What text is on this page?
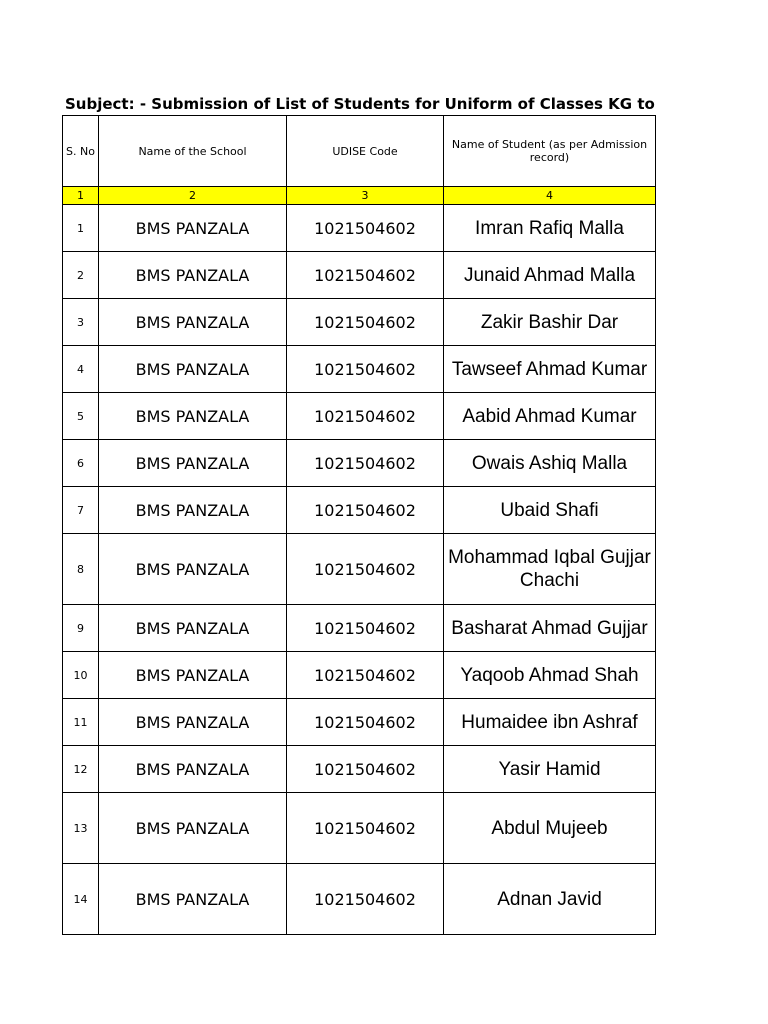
Subject: - Submission of List of Students for Uniform of Classes KG to
S. No	Name of the School	UDISE Code	Name of Student (as per Admission record)
1	2	3	4
1	BMS PANZALA	1021504602	Imran Rafiq Malla
2	BMS PANZALA	1021504602	Junaid Ahmad Malla
3	BMS PANZALA	1021504602	Zakir Bashir Dar
4	BMS PANZALA	1021504602	Tawseef Ahmad Kumar
5	BMS PANZALA	1021504602	Aabid Ahmad Kumar
6	BMS PANZALA	1021504602	Owais Ashiq Malla
7	BMS PANZALA	1021504602	Ubaid Shafi
8	BMS PANZALA	1021504602	Mohammad Iqbal Gujjar Chachi
9	BMS PANZALA	1021504602	Basharat Ahmad Gujjar
10	BMS PANZALA	1021504602	Yaqoob Ahmad Shah
11	BMS PANZALA	1021504602	Humaidee ibn Ashraf
12	BMS PANZALA	1021504602	Yasir Hamid
13	BMS PANZALA	1021504602	Abdul Mujeeb
14	BMS PANZALA	1021504602	Adnan Javid
